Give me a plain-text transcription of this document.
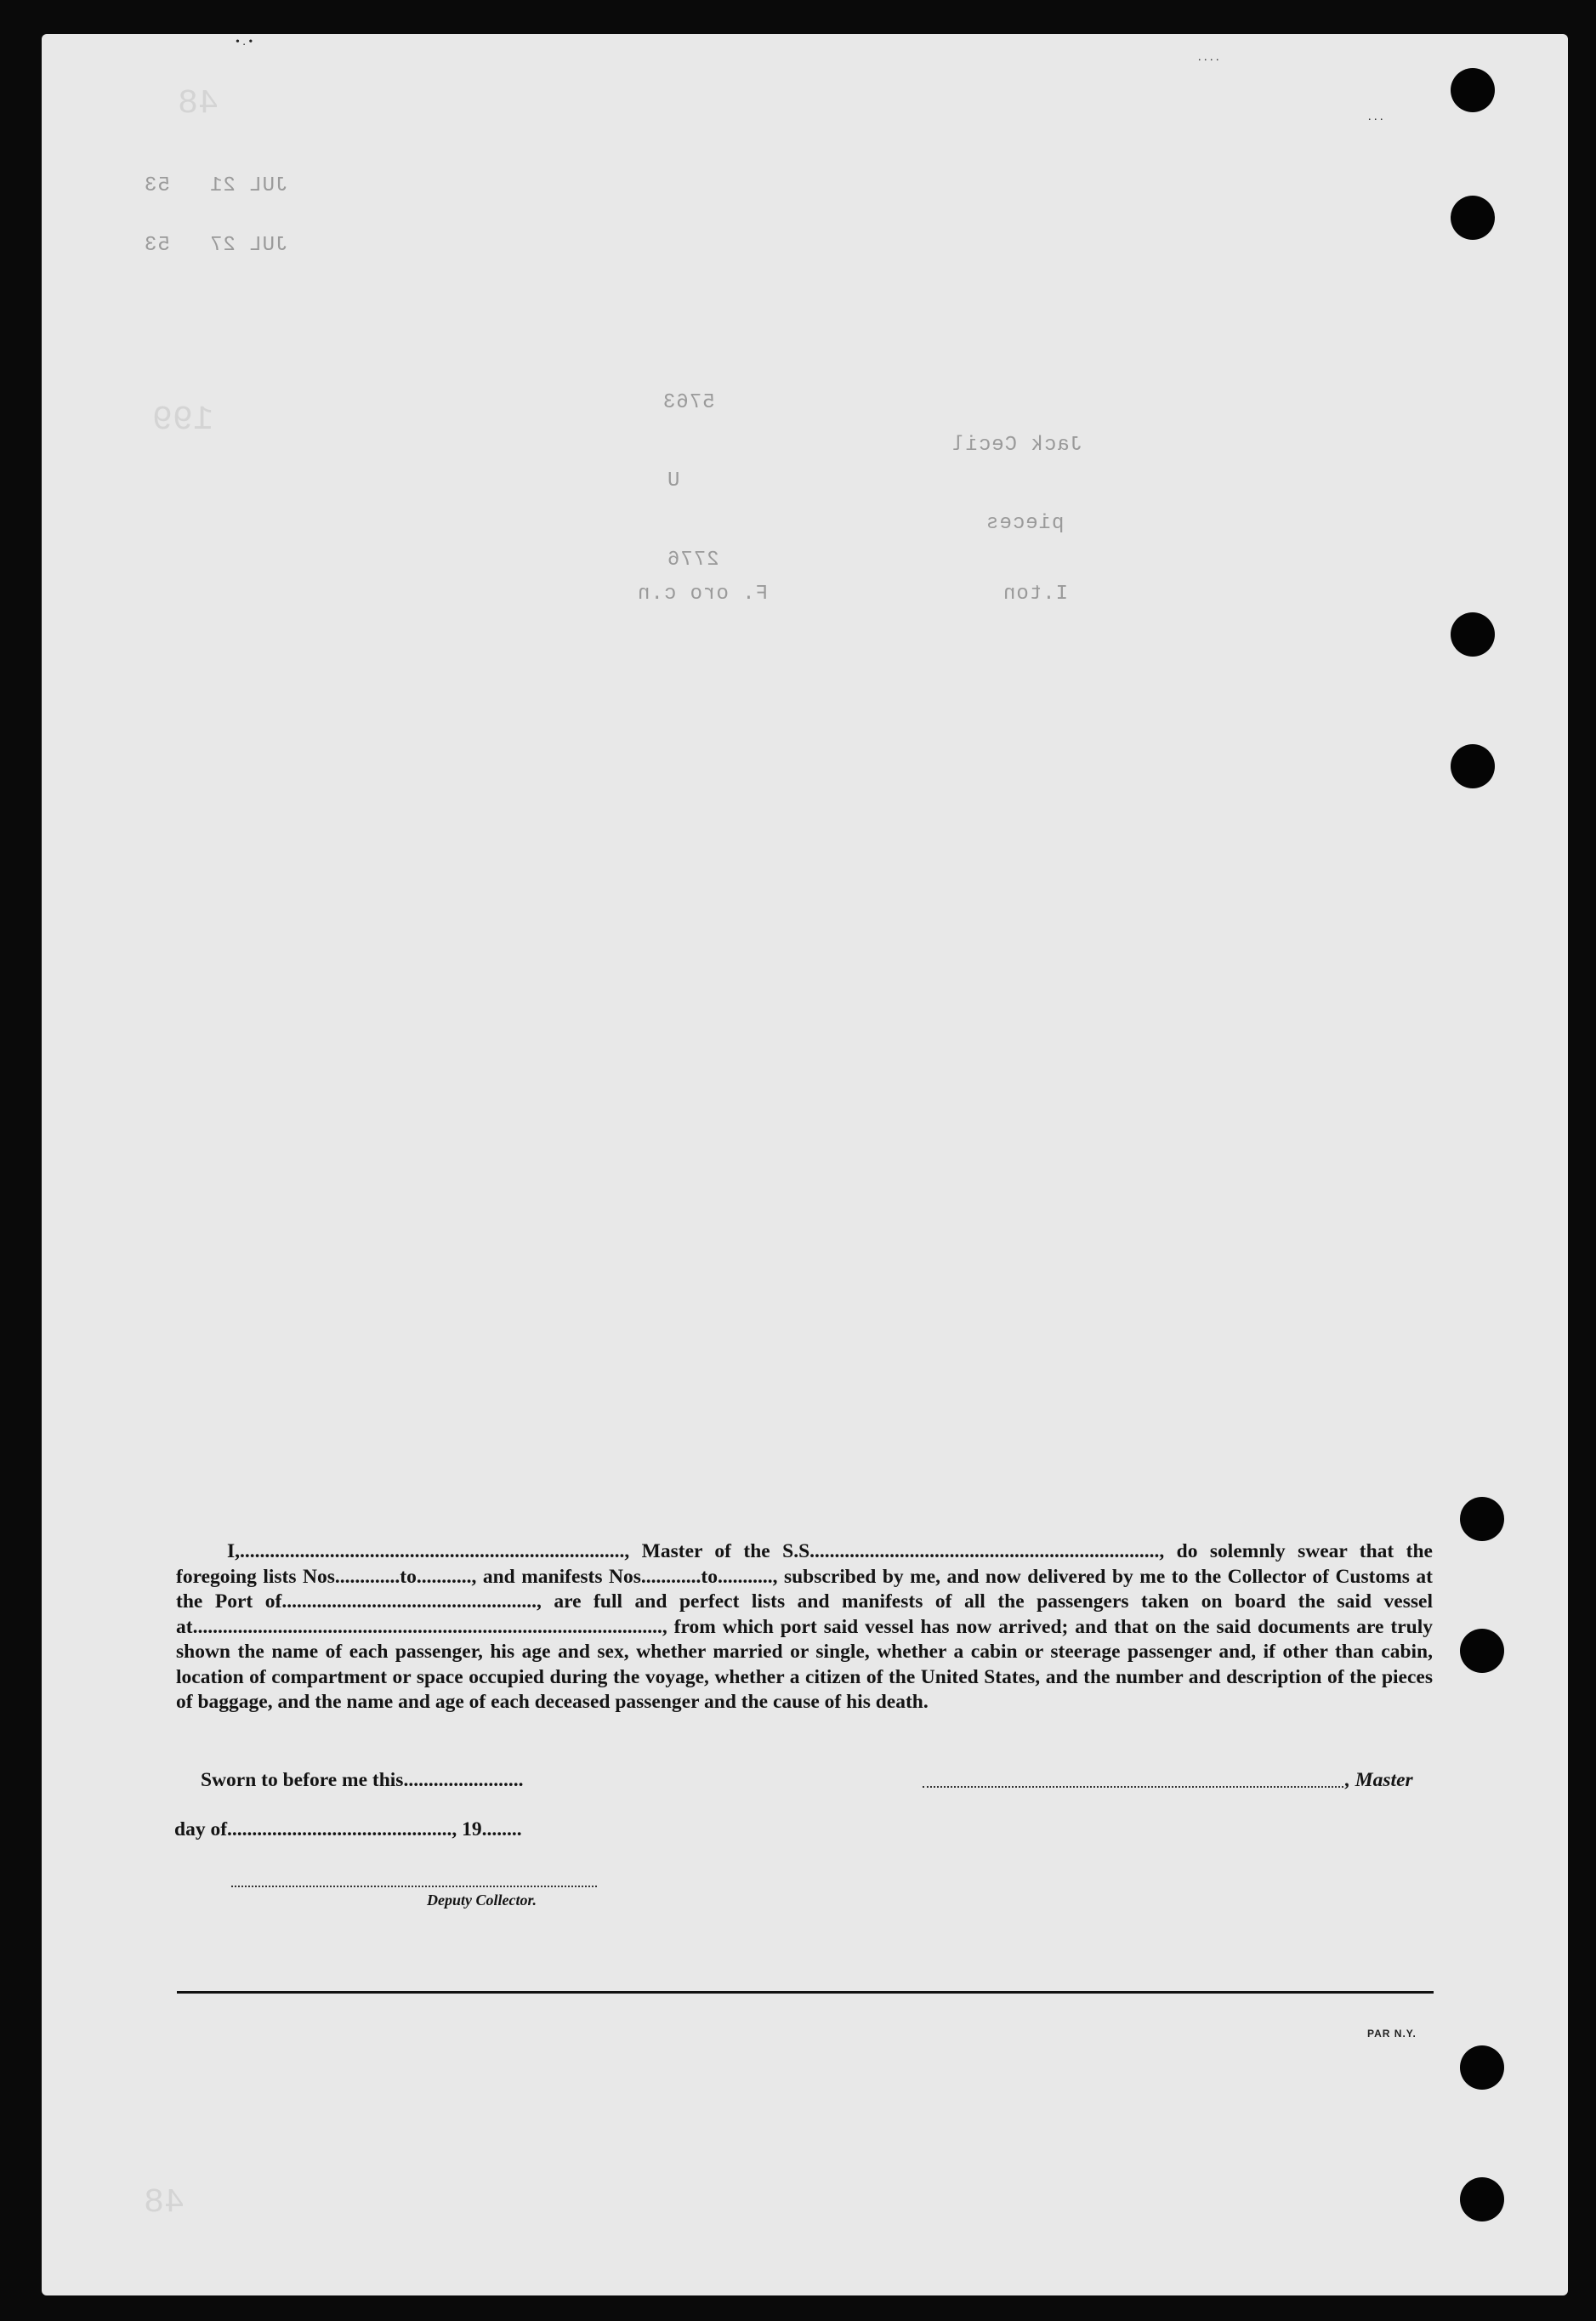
• . •
. . . .
. . .
48
JUL 21   53
JUL 27   53
199	5763
U
2776
F. oro c.n
Jack Cecil
pieces
I.ton
48

I,............................................................................., Master of the S.S......................................................................, do solemnly swear that the foregoing lists Nos.............to..........., and manifests Nos............to..........., subscribed by me, and now delivered by me to the Collector of Customs at the Port of..................................................., are full and perfect lists and manifests of all the passengers taken on board the said vessel at.............................................................................................., from which port said vessel has now arrived; and that on the said documents are truly shown the name of each passenger, his age and sex, whether married or single, whether a cabin or steerage passenger and, if other than cabin, location of compartment or space occupied during the voyage, whether a citizen of the United States, and the number and description of the pieces of baggage, and the name and age of each deceased passenger and the cause of his death.

Sworn to before me this........................	, Master
day of............................................., 19........
Deputy Collector.
PAR N.Y.
